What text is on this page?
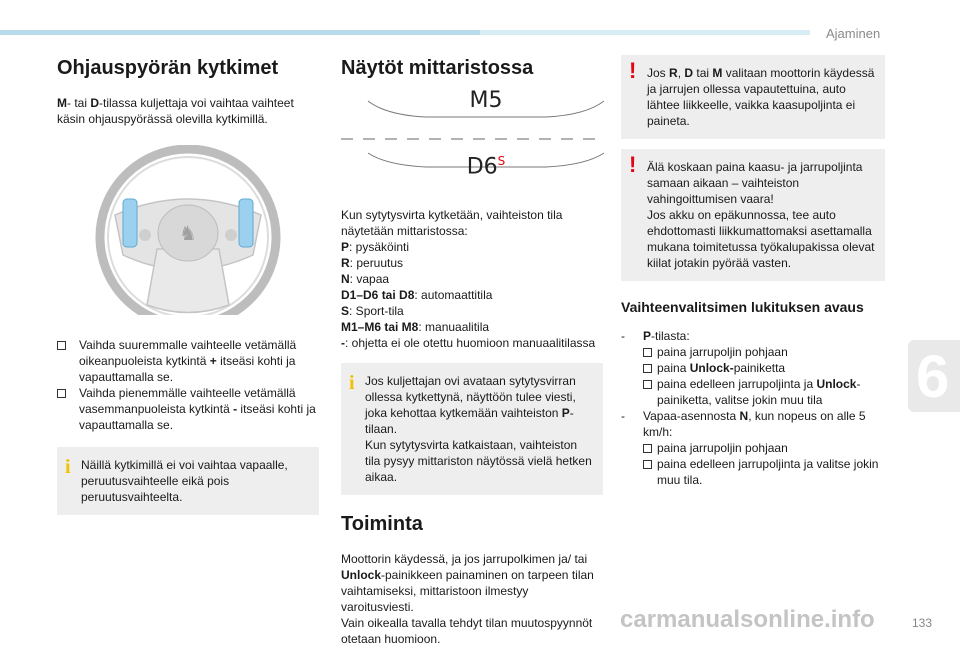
Ajaminen
6
Ohjauspyörän kytkimet

M- tai D-tilassa kuljettaja voi vaihtaa vaihteet käsin ohjauspyörässä olevilla kytkimillä.

♞
Vaihda suuremmalle vaihteelle vetämällä oikeanpuoleista kytkintä + itseäsi kohti ja vapauttamalla se.
Vaihda pienemmälle vaihteelle vetämällä vasemmanpuoleista kytkintä - itseäsi kohti ja vapauttamalla se.
i Näillä kytkimillä ei voi vaihtaa vapaalle, peruutusvaihteelle eikä pois peruutusvaihteelta.

Näytöt mittaristossa
M5
$D6^S$

Kun sytytysvirta kytketään, vaihteiston tila näytetään mittaristossa:

P: pysäköinti

R: peruutus

N: vapaa

D1–D6 tai D8: automaattitila

S: Sport-tila

M1–M6 tai M8: manuaalitila

-: ohjetta ei ole otettu huomioon manuaalitilassa

i Jos kuljettajan ovi avataan sytytysvirran ollessa kytkettynä, näyttöön tulee viesti, joka kehottaa kytkemään vaihteiston P-tilaan.

Kun sytytysvirta katkaistaan, vaihteiston tila pysyy mittariston näytössä vielä hetken aikaa.

Toiminta

Moottorin käydessä, ja jos jarrupolkimen ja/ tai Unlock-painikkeen painaminen on tarpeen tilan vaihtamiseksi, mittaristoon ilmestyy varoitusviesti.

Vain oikealla tavalla tehdyt tilan muutospyynnöt otetaan huomioon.

! Jos R, D tai M valitaan moottorin käydessä ja jarrujen ollessa vapautettuina, auto lähtee liikkeelle, vaikka kaasupoljinta ei paineta.

! Älä koskaan paina kaasu- ja jarrupoljinta samaan aikaan – vaihteiston vahingoittumisen vaara!

Jos akku on epäkunnossa, tee auto ehdottomasti liikkumattomaksi asettamalla mukana toimitetussa työkalupakissa olevat kiilat jotakin pyörää vasten.

Vaihteenvalitsimen lukituksen avaus
- P-tilasta:

paina jarrupoljin pohjaan
paina Unlock-painiketta
paina edelleen jarrupoljinta ja Unlock-painiketta, valitse jokin muu tila
- Vapaa-asennosta N, kun nopeus on alle 5 km/h:

paina jarrupoljin pohjaan
paina edelleen jarrupoljinta ja valitse jokin muu tila.
133
carmanualsonline.info
